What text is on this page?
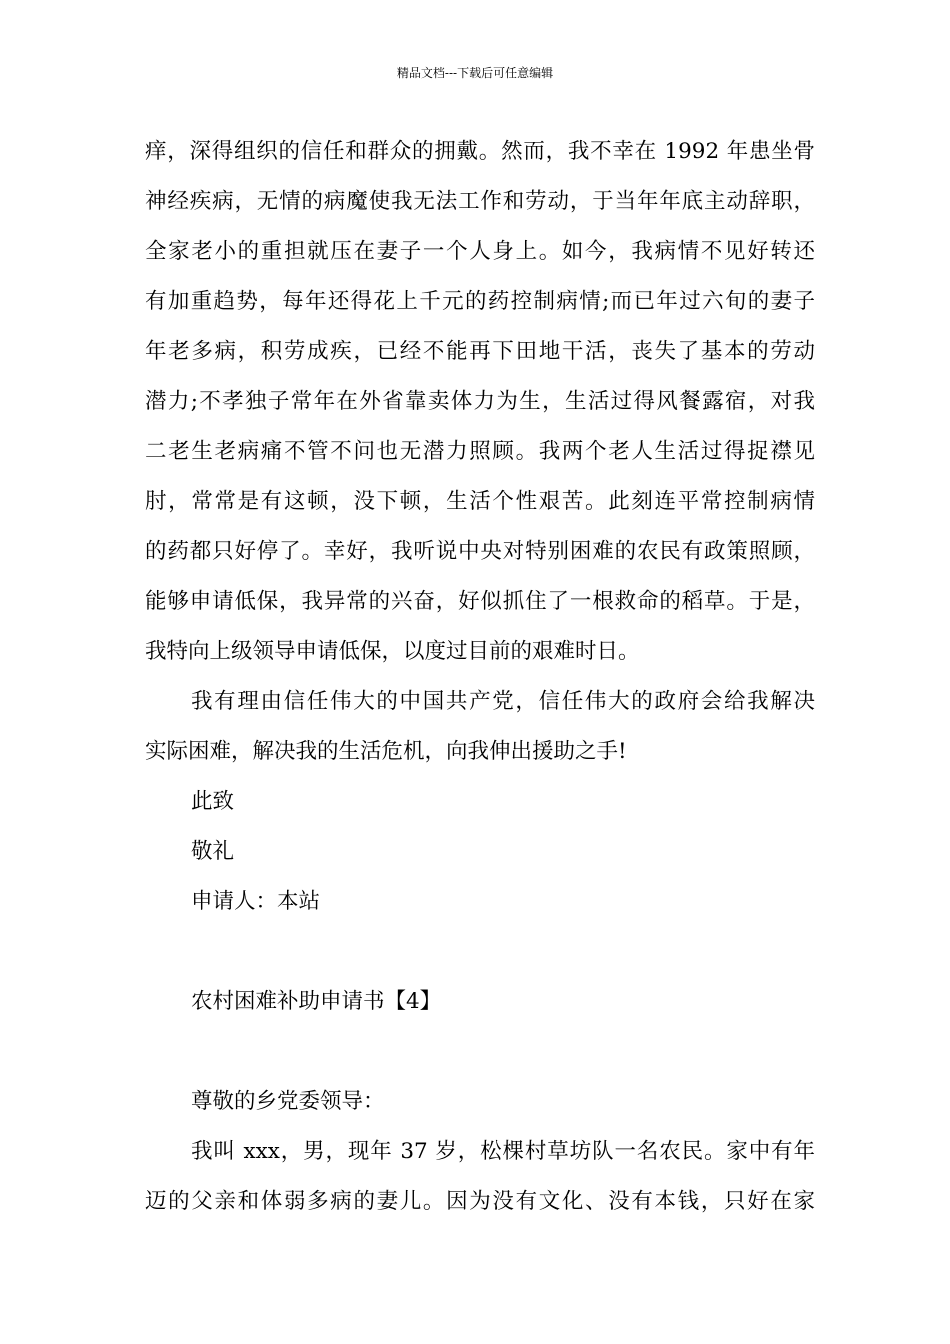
精品文档---下载后可任意编辑
痒，深得组织的信任和群众的拥戴。然而，我不幸在 1992 年患坐骨
神经疾病，无情的病魔使我无法工作和劳动，于当年年底主动辞职，
全家老小的重担就压在妻子一个人身上。如今，我病情不见好转还
有加重趋势，每年还得花上千元的药控制病情;而已年过六旬的妻子
年老多病，积劳成疾，已经不能再下田地干活，丧失了基本的劳动
潜力;不孝独子常年在外省靠卖体力为生，生活过得风餐露宿，对我
二老生老病痛不管不问也无潜力照顾。我两个老人生活过得捉襟见
肘，常常是有这顿，没下顿，生活个性艰苦。此刻连平常控制病情
的药都只好停了。幸好，我听说中央对特别困难的农民有政策照顾，
能够申请低保，我异常的兴奋，好似抓住了一根救命的稻草。于是，
我特向上级领导申请低保，以度过目前的艰难时日。
我有理由信任伟大的中国共产党，信任伟大的政府会给我解决
实际困难，解决我的生活危机，向我伸出援助之手!
此致
敬礼
申请人：本站
农村困难补助申请书【4】
尊敬的乡党委领导：
我叫 xxx，男，现年 37 岁，松棵村草坊队一名农民。家中有年
迈的父亲和体弱多病的妻儿。因为没有文化、没有本钱，只好在家
